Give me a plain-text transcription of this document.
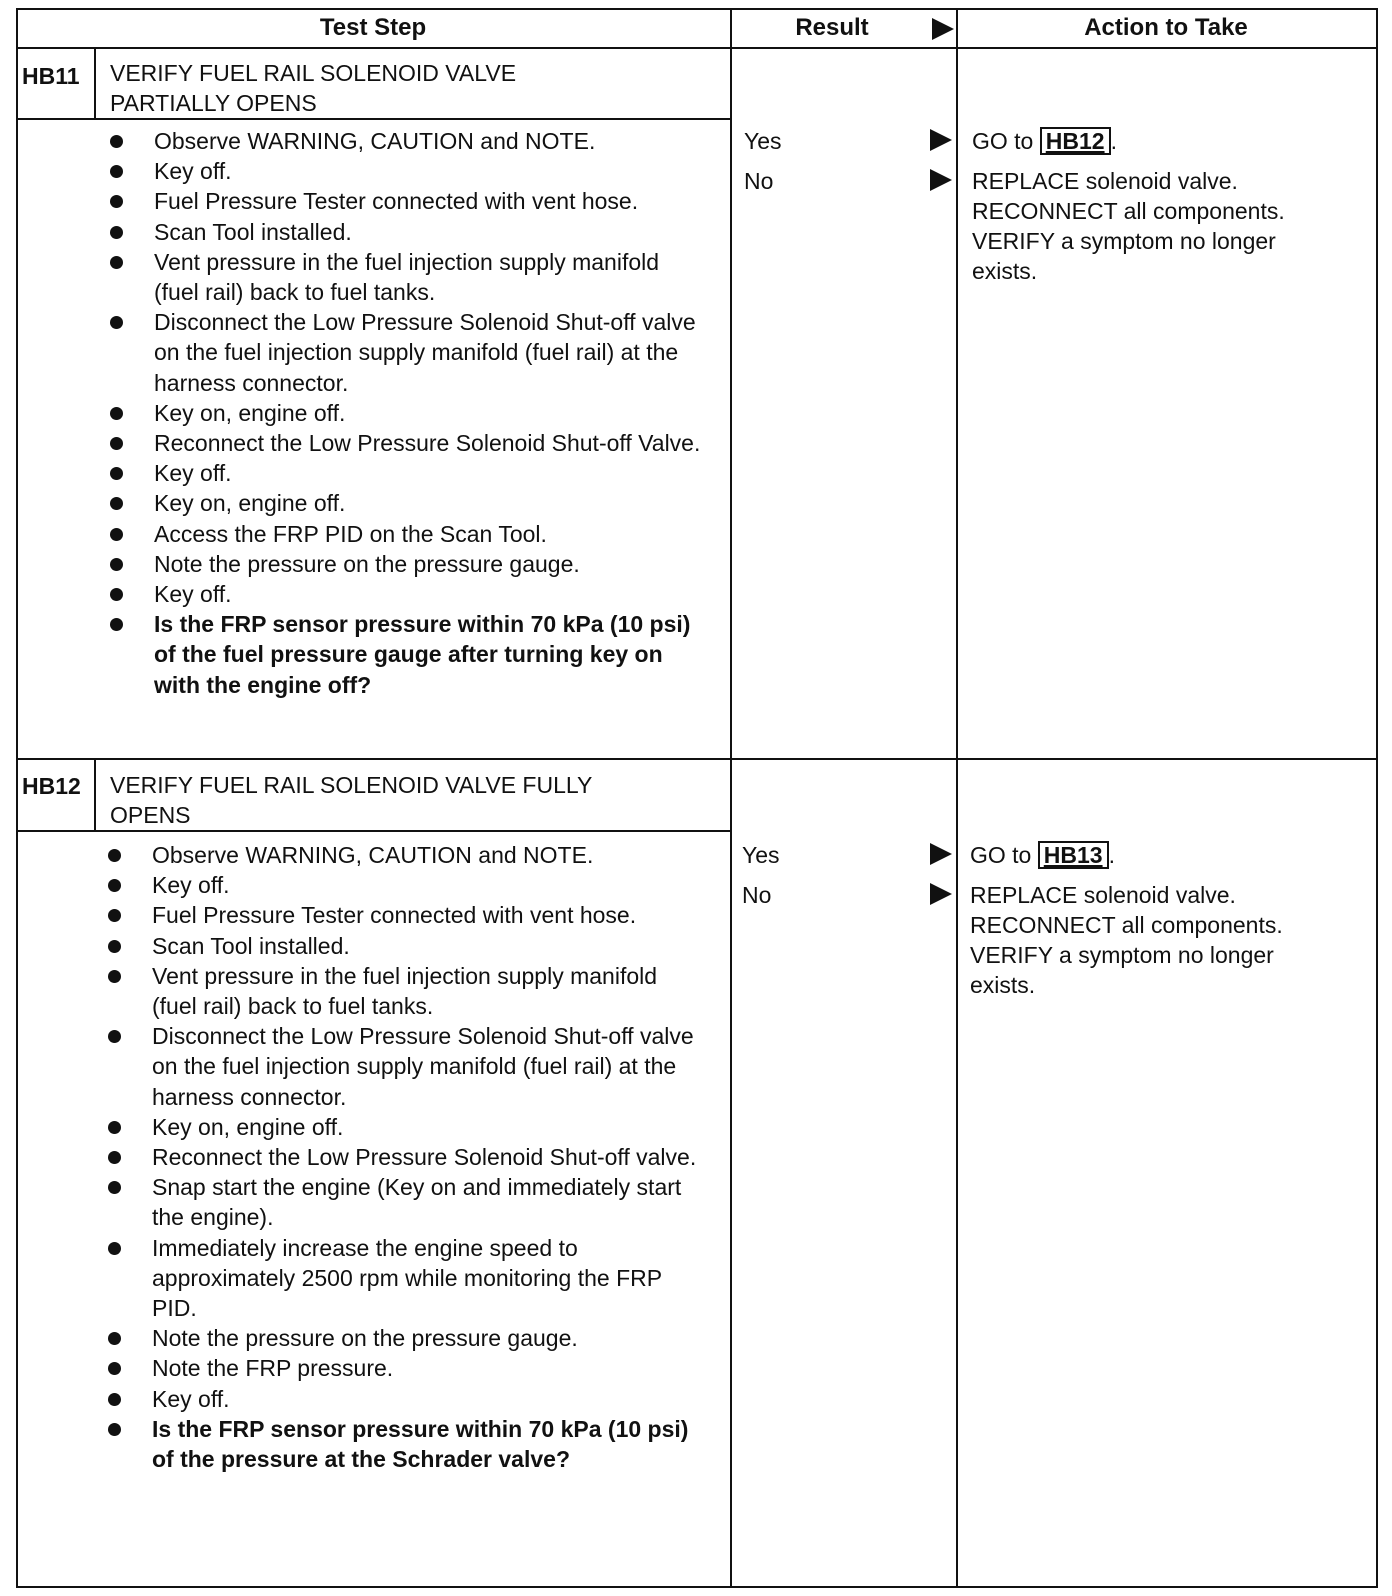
Test Step	Result	Action to Take
HB11 VERIFY FUEL RAIL SOLENOID VALVE
PARTIALLY OPENS
Observe WARNING, CAUTION and NOTE.
Key off.
Fuel Pressure Tester connected with vent hose.
Scan Tool installed.
Vent pressure in the fuel injection supply manifold (fuel rail) back to fuel tanks.
Disconnect the Low Pressure Solenoid Shut-off valve on the fuel injection supply manifold (fuel rail) at the harness connector.
Key on, engine off.
Reconnect the Low Pressure Solenoid Shut-off Valve.
Key off.
Key on, engine off.
Access the FRP PID on the Scan Tool.
Note the pressure on the pressure gauge.
Key off.
Is the FRP sensor pressure within 70 kPa (10 psi) of the fuel pressure gauge after turning key on with the engine off?
Yes
No
GO to HB12 .
REPLACE solenoid valve.
RECONNECT all components.
VERIFY a symptom no longer
exists.
HB12 VERIFY FUEL RAIL SOLENOID VALVE FULLY
OPENS
Observe WARNING, CAUTION and NOTE.
Key off.
Fuel Pressure Tester connected with vent hose.
Scan Tool installed.
Vent pressure in the fuel injection supply manifold (fuel rail) back to fuel tanks.
Disconnect the Low Pressure Solenoid Shut-off valve on the fuel injection supply manifold (fuel rail) at the harness connector.
Key on, engine off.
Reconnect the Low Pressure Solenoid Shut-off valve.
Snap start the engine (Key on and immediately start the engine).
Immediately increase the engine speed to approximately 2500 rpm while monitoring the FRP PID.
Note the pressure on the pressure gauge.
Note the FRP pressure.
Key off.
Is the FRP sensor pressure within 70 kPa (10 psi) of the pressure at the Schrader valve?
Yes
No
GO to HB13 .
REPLACE solenoid valve.
RECONNECT all components.
VERIFY a symptom no longer
exists.
